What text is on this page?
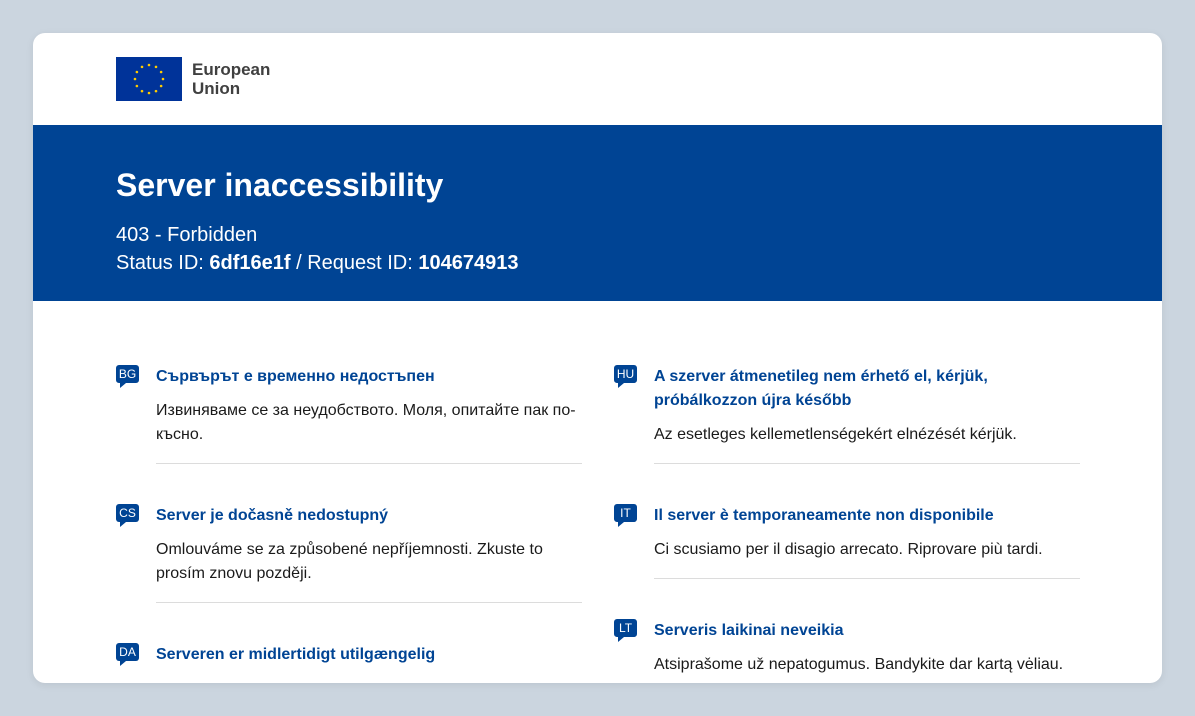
European
Union
Server inaccessibility
403 - Forbidden
Status ID: 6df16e1f / Request ID: 104674913
BG Сървърът е временно недостъпен
Извиняваме се за неудобството. Моля, опитайте пак по-късно.
CS Server je dočasně nedostupný
Omlouváme se za způsobené nepříjemnosti. Zkuste to prosím znovu později.
DA Serveren er midlertidigt utilgængelig
HU A szerver átmenetileg nem érhető el, kérjük, próbálkozzon újra később
Az esetleges kellemetlenségekért elnézését kérjük.
IT	Il server è temporaneamente non disponibile
Ci scusiamo per il disagio arrecato. Riprovare più tardi.
LT	Serveris laikinai neveikia
Atsiprašome už nepatogumus. Bandykite dar kartą vėliau.
